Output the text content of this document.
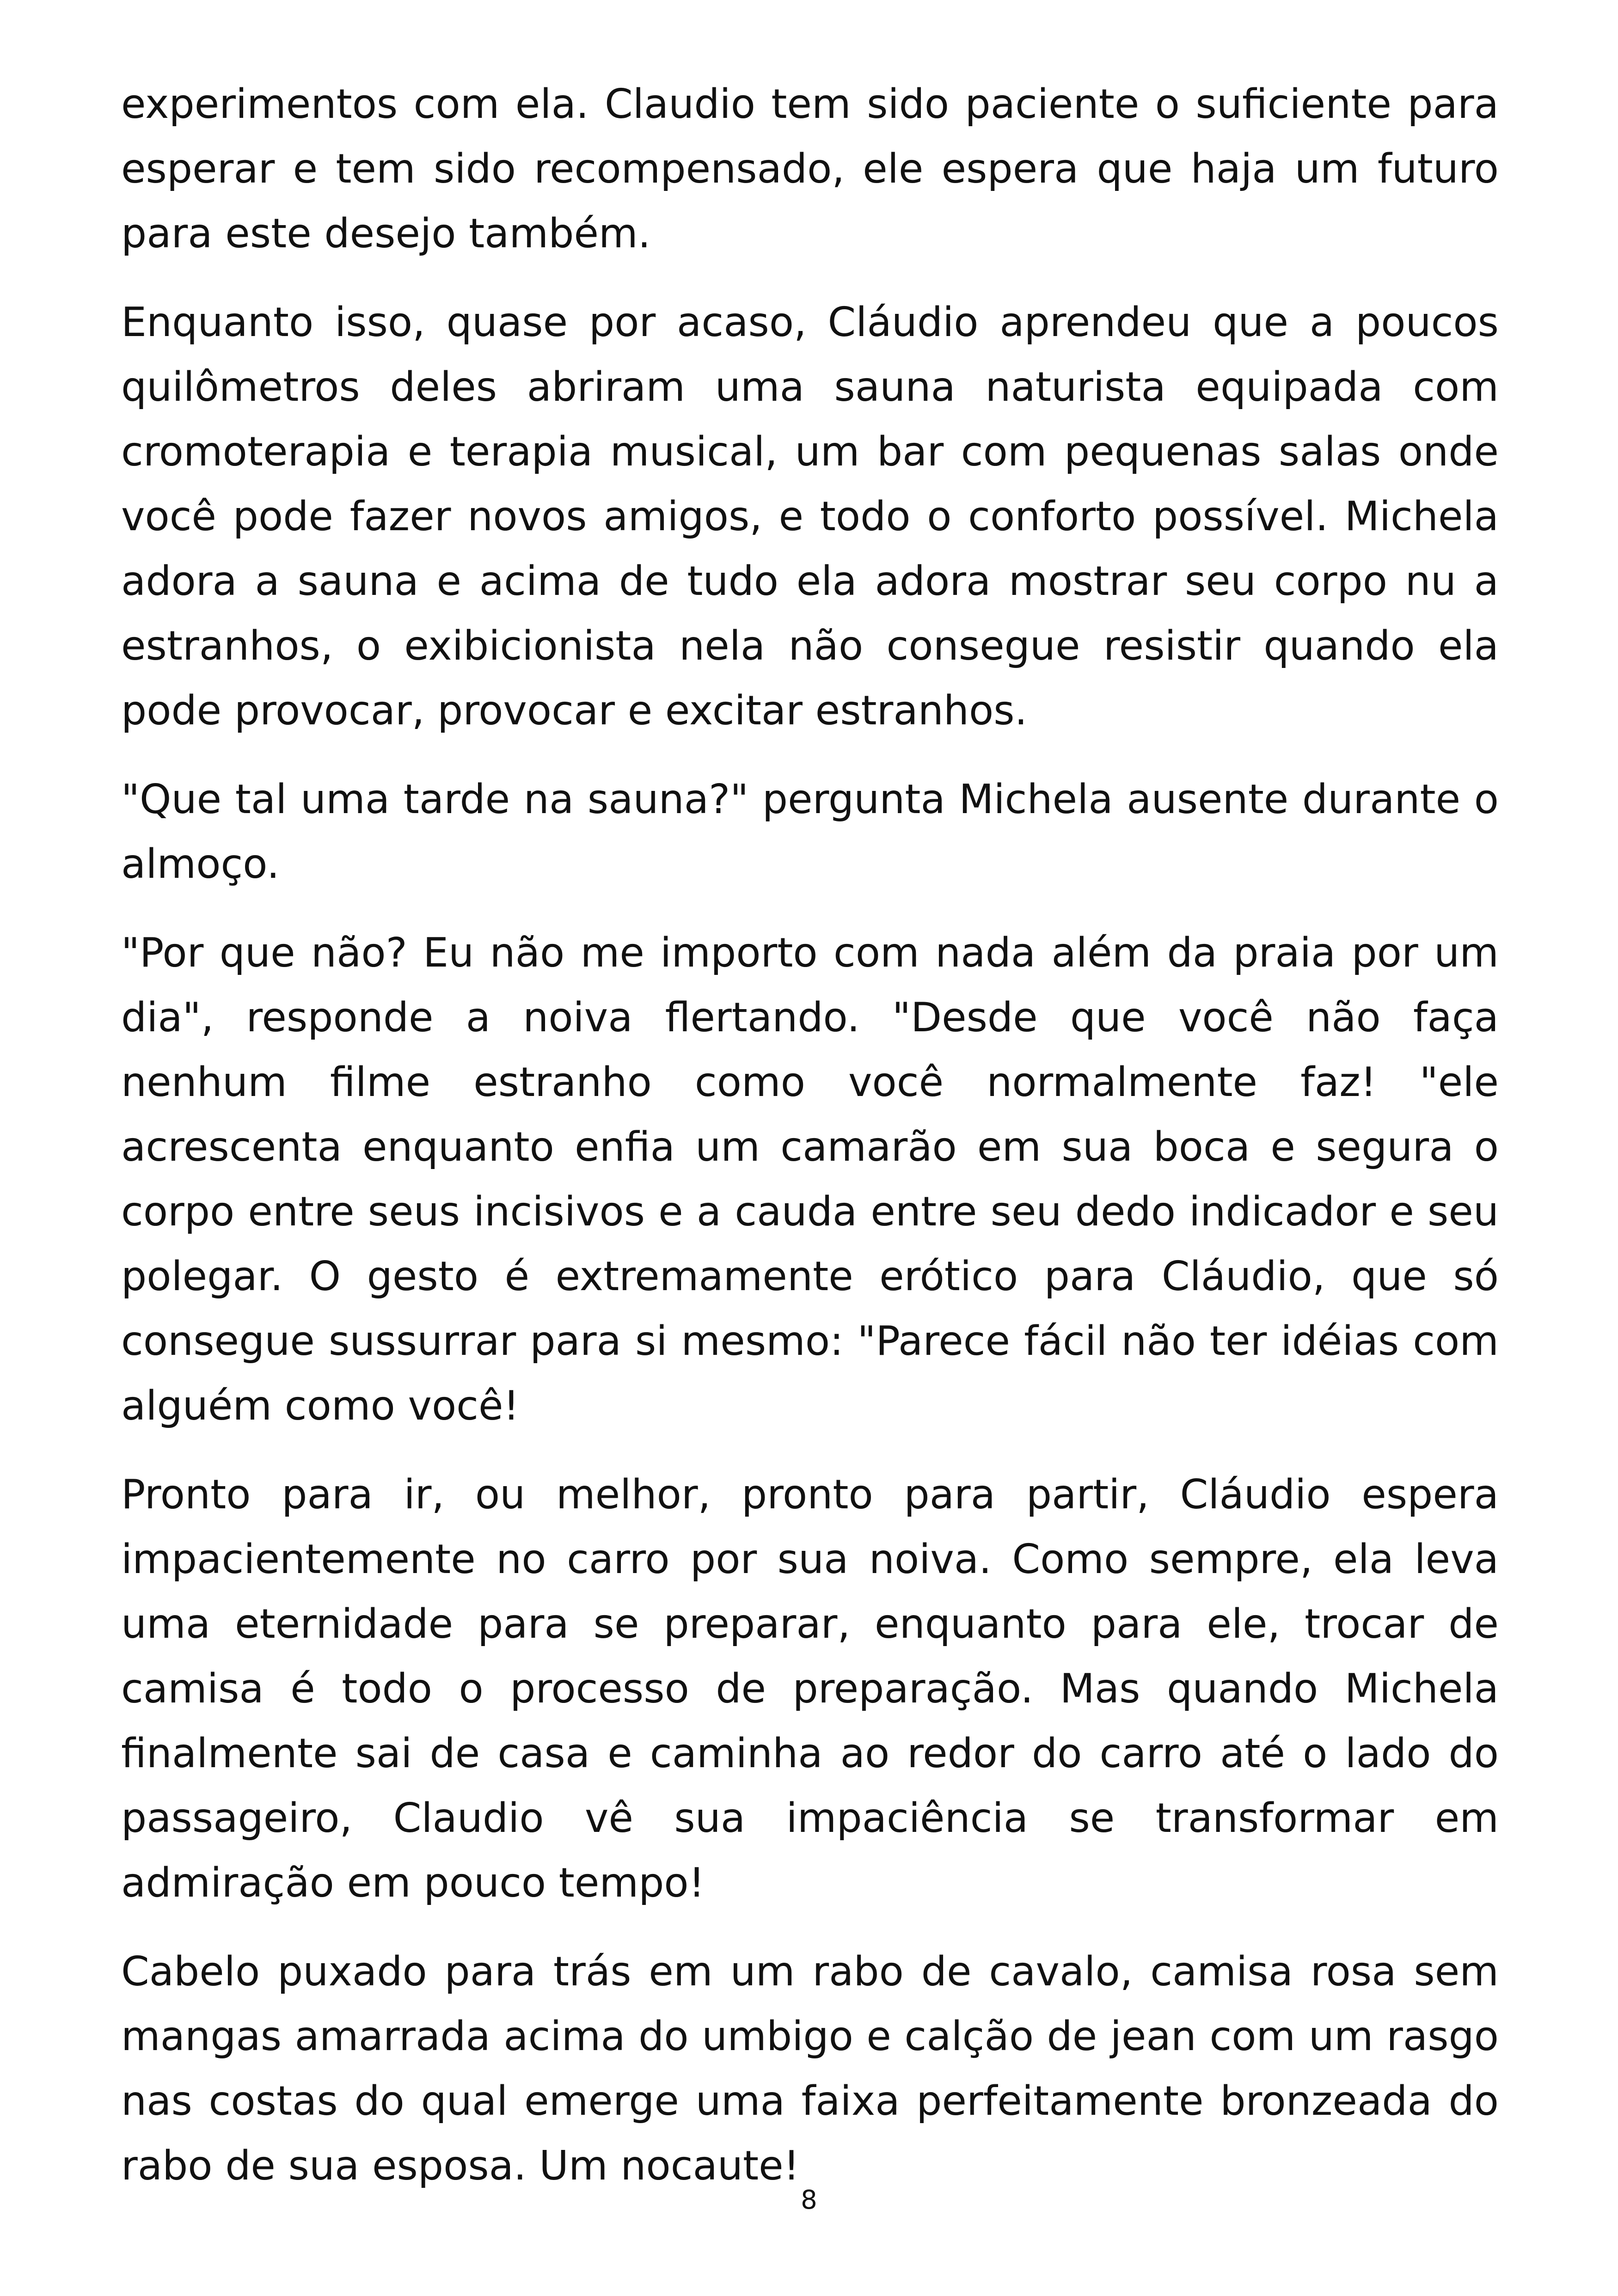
experimentos com ela. Claudio tem sido paciente o suficiente para esperar e tem sido recompensado, ele espera que haja um futuro para este desejo também.

Enquanto isso, quase por acaso, Cláudio aprendeu que a poucos quilômetros deles abriram uma sauna naturista equipada com cromoterapia e terapia musical, um bar com pequenas salas onde você pode fazer novos amigos, e todo o conforto possível. Michela adora a sauna e acima de tudo ela adora mostrar seu corpo nu a estranhos, o exibicionista nela não consegue resistir quando ela pode provocar, provocar e excitar estranhos.

"Que tal uma tarde na sauna?" pergunta Michela ausente durante o almoço.

"Por que não? Eu não me importo com nada além da praia por um dia", responde a noiva flertando. "Desde que você não faça nenhum filme estranho como você normalmente faz! "ele acrescenta enquanto enfia um camarão em sua boca e segura o corpo entre seus incisivos e a cauda entre seu dedo indicador e seu polegar. O gesto é extremamente erótico para Cláudio, que só consegue sussurrar para si mesmo: "Parece fácil não ter idéias com alguém como você!

Pronto para ir, ou melhor, pronto para partir, Cláudio espera impacientemente no carro por sua noiva. Como sempre, ela leva uma eternidade para se preparar, enquanto para ele, trocar de camisa é todo o processo de preparação. Mas quando Michela finalmente sai de casa e caminha ao redor do carro até o lado do passageiro, Claudio vê sua impaciência se transformar em admiração em pouco tempo!

Cabelo puxado para trás em um rabo de cavalo, camisa rosa sem mangas amarrada acima do umbigo e calção de jean com um rasgo nas costas do qual emerge uma faixa perfeitamente bronzeada do rabo de sua esposa. Um nocaute!

8
